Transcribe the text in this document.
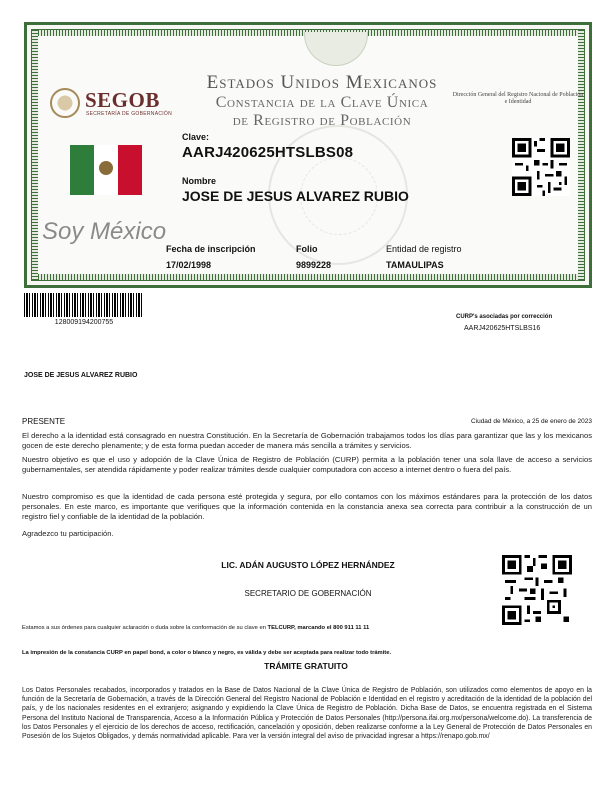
SEGOB
SECRETARÍA DE GOBERNACIÓN
Estados Unidos Mexicanos
Constancia de la Clave Única
de Registro de Población
Dirección General del Registro Nacional de Población e Identidad
Clave:
AARJ420625HTSLBS08
Nombre
JOSE DE JESUS ALVAREZ RUBIO
Soy México
Fecha de inscripción
17/02/1998
Folio
9899228
Entidad de registro
TAMAULIPAS
128009194200755
CURP's asociadas por corrección
AARJ420625HTSLBS16
JOSE DE JESUS ALVAREZ RUBIO
PRESENTE	Ciudad de México, a 25 de enero de 2023
El derecho a la identidad está consagrado en nuestra Constitución. En la Secretaría de Gobernación trabajamos todos los días para garantizar que las y los mexicanos gocen de este derecho plenamente; y de esta forma puedan acceder de manera más sencilla a trámites y servicios.
Nuestro objetivo es que el uso y adopción de la Clave Única de Registro de Población (CURP) permita a la población tener una sola llave de acceso a servicios gubernamentales, ser atendida rápidamente y poder realizar trámites desde cualquier computadora con acceso a internet dentro o fuera del país.
Nuestro compromiso es que la identidad de cada persona esté protegida y segura, por ello contamos con los máximos estándares para la protección de los datos personales. En este marco, es importante que verifiques que la información contenida en la constancia anexa sea correcta para contribuir a la construcción de un registro fiel y confiable de la identidad de la población.
Agradezco tu participación.
LIC. ADÁN AUGUSTO LÓPEZ HERNÁNDEZ
SECRETARIO DE GOBERNACIÓN
Estamos a sus órdenes para cualquier aclaración o duda sobre la conformación de su clave en TELCURP, marcando el 800 911 11 11
La impresión de la constancia CURP en papel bond, a color o blanco y negro, es válida y debe ser aceptada para realizar todo trámite.
TRÁMITE GRATUITO
Los Datos Personales recabados, incorporados y tratados en la Base de Datos Nacional de la Clave Única de Registro de Población, son utilizados como elementos de apoyo en la función de la Secretaría de Gobernación, a través de la Dirección General del Registro Nacional de Población e Identidad en el registro y acreditación de la identidad de la población del país, y de los nacionales residentes en el extranjero; asignando y expidiendo la Clave Única de Registro de Población. Dicha Base de Datos, se encuentra registrada en el Sistema Persona del Instituto Nacional de Transparencia, Acceso a la Información Pública y Protección de Datos Personales (http://persona.ifai.org.mx/persona/welcome.do). La transferencia de los Datos Personales y el ejercicio de los derechos de acceso, rectificación, cancelación y oposición, deben realizarse conforme a la Ley General de Protección de Datos Personales en Posesión de los Sujetos Obligados, y demás normatividad aplicable. Para ver la versión integral del aviso de privacidad ingresar a https://renapo.gob.mx/
